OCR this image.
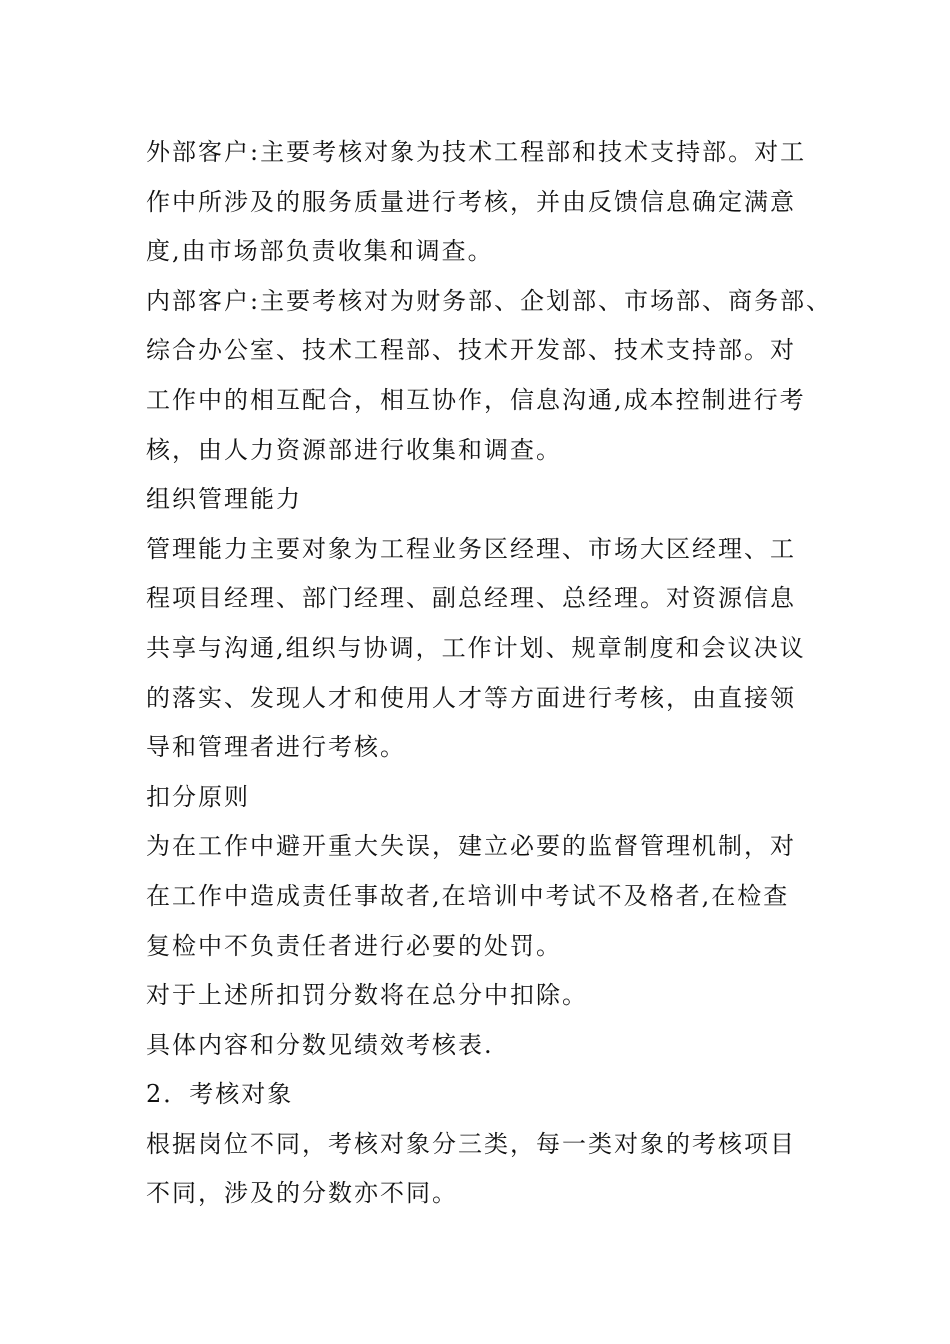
外部客户:主要考核对象为技术工程部和技术支持部。对工
作中所涉及的服务质量进行考核，并由反馈信息确定满意
度,由市场部负责收集和调查。
内部客户:主要考核对为财务部、企划部、市场部、商务部、
综合办公室、技术工程部、技术开发部、技术支持部。对
工作中的相互配合，相互协作，信息沟通,成本控制进行考
核，由人力资源部进行收集和调查。
组织管理能力
管理能力主要对象为工程业务区经理、市场大区经理、工
程项目经理、部门经理、副总经理、总经理。对资源信息
共享与沟通,组织与协调，工作计划、规章制度和会议决议
的落实、发现人才和使用人才等方面进行考核，由直接领
导和管理者进行考核。
扣分原则
为在工作中避开重大失误，建立必要的监督管理机制，对
在工作中造成责任事故者,在培训中考试不及格者,在检查
复检中不负责任者进行必要的处罚。
对于上述所扣罚分数将在总分中扣除。
具体内容和分数见绩效考核表.
2．考核对象
根据岗位不同，考核对象分三类，每一类对象的考核项目
不同，涉及的分数亦不同。
